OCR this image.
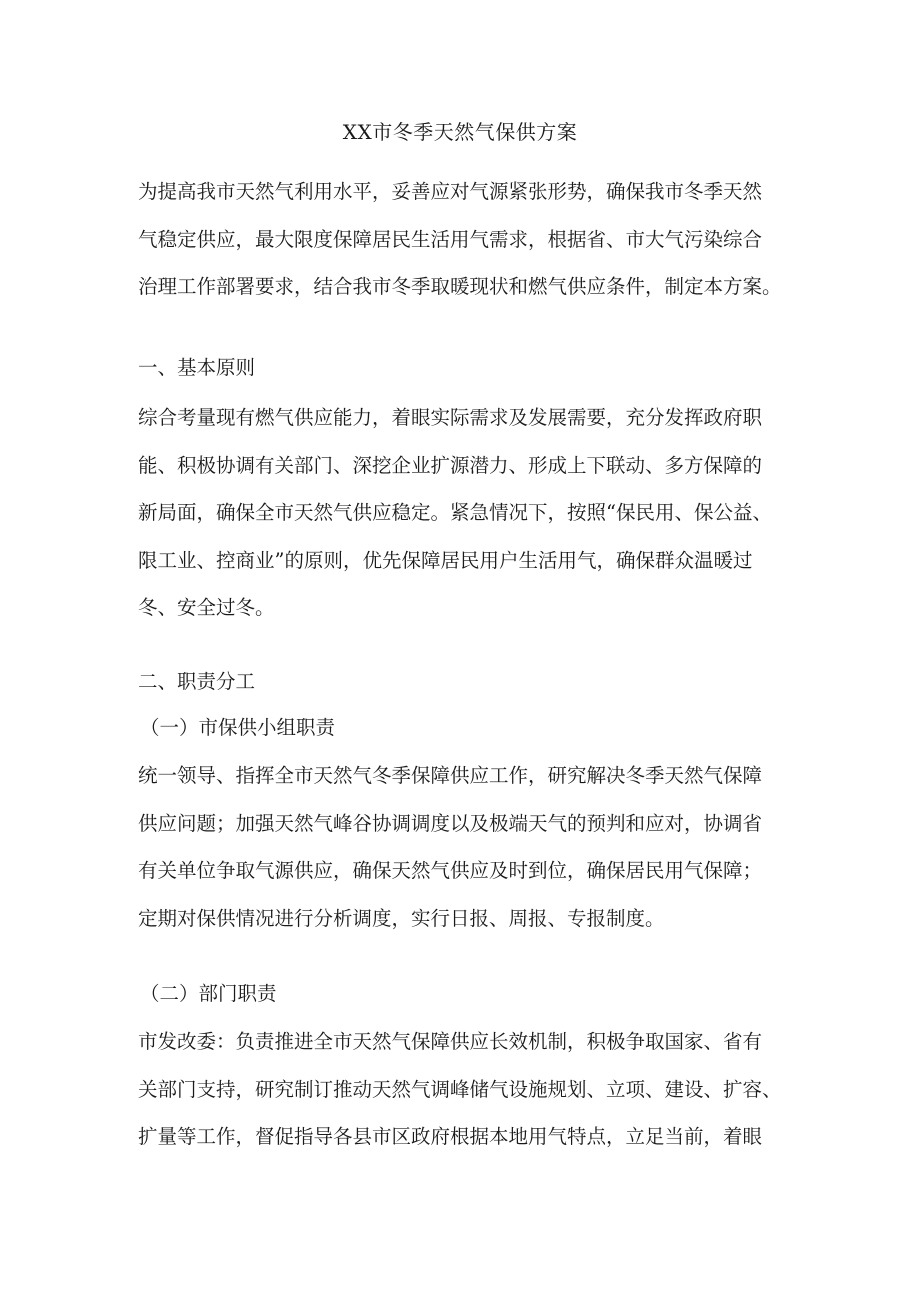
XX市冬季天然气保供方案
为提高我市天然气利用水平，妥善应对气源紧张形势，确保我市冬季天然
气稳定供应，最大限度保障居民生活用气需求，根据省、市大气污染综合
治理工作部署要求，结合我市冬季取暖现状和燃气供应条件，制定本方案。
一、基本原则
综合考量现有燃气供应能力，着眼实际需求及发展需要，充分发挥政府职
能、积极协调有关部门、深挖企业扩源潜力、形成上下联动、多方保障的
新局面，确保全市天然气供应稳定。紧急情况下，按照“保民用、保公益、
限工业、控商业”的原则，优先保障居民用户生活用气，确保群众温暖过
冬、安全过冬。
二、职责分工
（一）市保供小组职责
统一领导、指挥全市天然气冬季保障供应工作，研究解决冬季天然气保障
供应问题；加强天然气峰谷协调调度以及极端天气的预判和应对，协调省
有关单位争取气源供应，确保天然气供应及时到位，确保居民用气保障；
定期对保供情况进行分析调度，实行日报、周报、专报制度。
（二）部门职责
市发改委：负责推进全市天然气保障供应长效机制，积极争取国家、省有
关部门支持，研究制订推动天然气调峰储气设施规划、立项、建设、扩容、
扩量等工作，督促指导各县市区政府根据本地用气特点，立足当前，着眼
